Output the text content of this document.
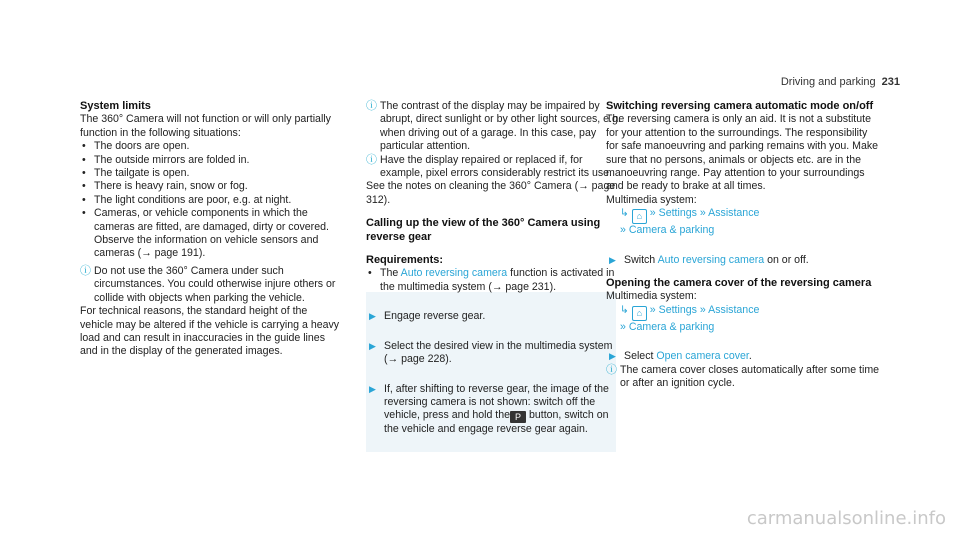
Driving and parking 231
System limits

The 360° Camera will not function or will only partially function in the following situations:

• The doors are open.
• The outside mirrors are folded in.
• The tailgate is open.
• There is heavy rain, snow or fog.
• The light conditions are poor, e.g. at night.
• Cameras, or vehicle components in which the cameras are fitted, are damaged, dirty or covered. Observe the information on vehicle sensors and cameras (→ page 191).
ⓘ Do not use the 360° Camera under such circumstances. You could otherwise injure others or collide with objects when parking the vehicle.

For technical reasons, the standard height of the vehicle may be altered if the vehicle is carrying a heavy load and can result in inaccuracies in the guide lines and in the display of the generated images.

ⓘ The contrast of the display may be impaired by abrupt, direct sunlight or by other light sources, e.g. when driving out of a garage. In this case, pay particular attention.
ⓘ Have the display repaired or replaced if, for example, pixel errors considerably restrict its use.

See the notes on cleaning the 360° Camera (→ page 312).

Calling up the view of the 360° Camera using reverse gear
Requirements:
• The Auto reversing camera function is activated in the multimedia system (→ page 231).
▶ Engage reverse gear.
▶ Select the desired view in the multimedia system (→ page 228).
▶ If, after shifting to reverse gear, the image of the reversing camera is not shown: switch off the vehicle, press and hold the P button, switch on the vehicle and engage reverse gear again.
Switching reversing camera automatic mode on/off

The reversing camera is only an aid. It is not a substitute for your attention to the surroundings. The responsibility for safe manoeuvring and parking remains with you. Make sure that no persons, animals or objects etc. are in the manoeuvring range. Pay attention to your surroundings and be ready to brake at all times.

Multimedia system:

↳ ⌂ » Settings » Assistance
» Camera & parking
▶ Switch Auto reversing camera on or off.
Opening the camera cover of the reversing camera

Multimedia system:

↳ ⌂ » Settings » Assistance
» Camera & parking
▶ Select Open camera cover.
ⓘ The camera cover closes automatically after some time or after an ignition cycle.
carmanualsonline.info
